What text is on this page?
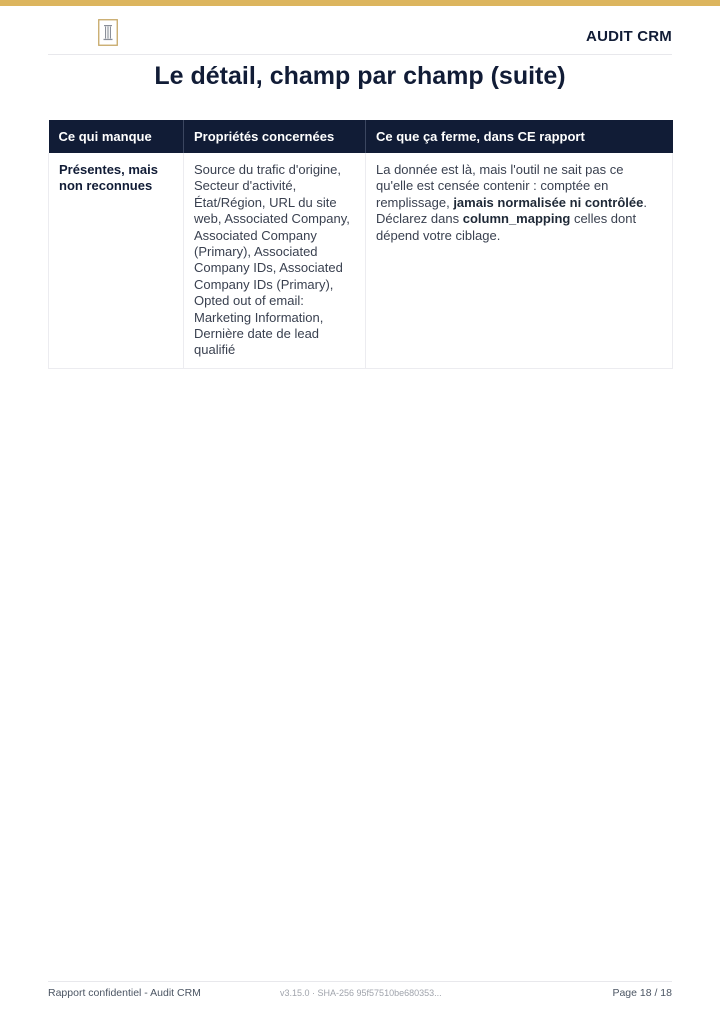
AUDIT CRM
Le détail, champ par champ (suite)
Ce qui manque	Propriétés concernées	Ce que ça ferme, dans CE rapport
Présentes, mais non reconnues	Source du trafic d'origine, Secteur d'activité, État/Région, URL du site web, Associated Company, Associated Company (Primary), Associated Company IDs, Associated Company IDs (Primary), Opted out of email: Marketing Information, Dernière date de lead qualifié	La donnée est là, mais l'outil ne sait pas ce qu'elle est censée contenir : comptée en remplissage, jamais normalisée ni contrôlée. Déclarez dans column_mapping celles dont dépend votre ciblage.
Rapport confidentiel - Audit CRM	v3.15.0 · SHA-256 95f57510be680353...	Page 18 / 18
